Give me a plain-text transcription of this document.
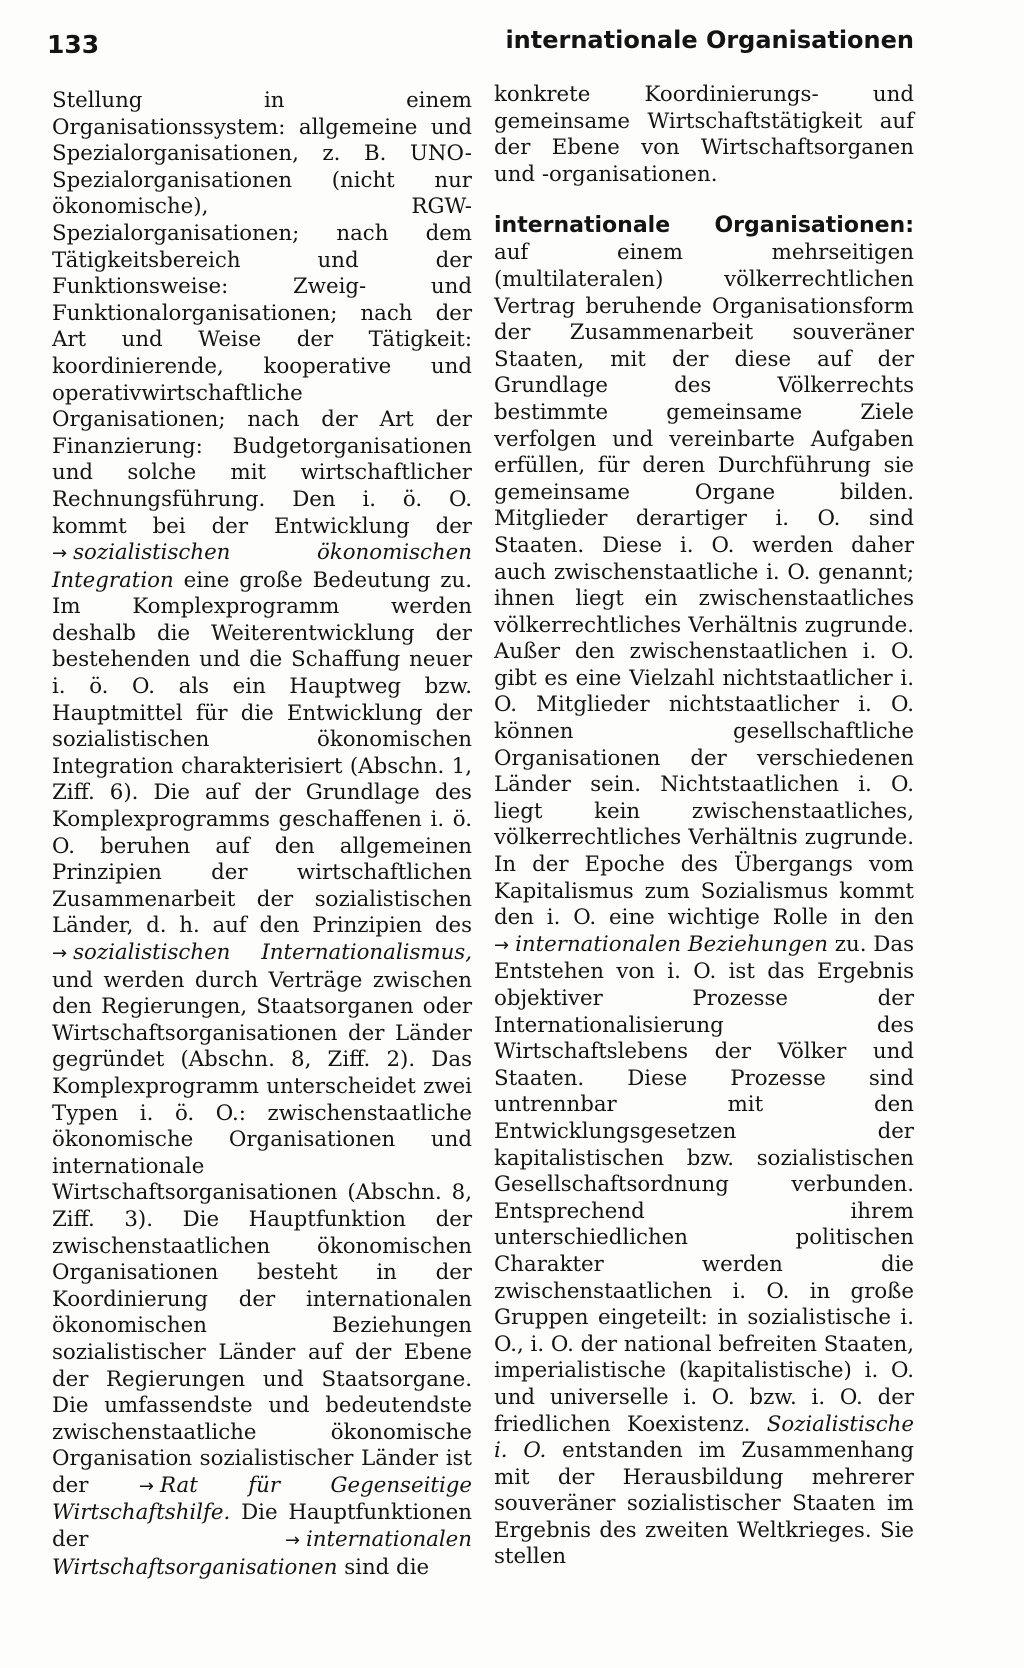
133	internationale Organisationen

Stellung in einem Organisationssystem: allgemeine und Spezialorganisationen, z. B. UNO-Spezialorganisationen (nicht nur ökonomische), RGW-Spezialorganisationen; nach dem Tätigkeitsbereich und der Funktionsweise: Zweig- und Funktionalorganisationen; nach der Art und Weise der Tätigkeit: koordinierende, kooperative und operativwirtschaftliche Organisationen; nach der Art der Finanzierung: Budgetorganisationen und solche mit wirtschaftlicher Rechnungsführung. Den i. ö. O. kommt bei der Entwicklung der → sozialistischen ökonomischen Integration eine große Bedeutung zu. Im Komplexprogramm werden deshalb die Weiterentwicklung der bestehenden und die Schaffung neuer i. ö. O. als ein Hauptweg bzw. Hauptmittel für die Entwicklung der sozialistischen ökonomischen Integration charakterisiert (Abschn. 1, Ziff. 6). Die auf der Grundlage des Komplexprogramms geschaffenen i. ö. O. beruhen auf den allgemeinen Prinzipien der wirtschaftlichen Zusammenarbeit der sozialistischen Länder, d. h. auf den Prinzipien des → sozialistischen Internationalismus, und werden durch Verträge zwischen den Regierungen, Staatsorganen oder Wirtschaftsorganisationen der Länder gegründet (Abschn. 8, Ziff. 2). Das Komplexprogramm unterscheidet zwei Typen i. ö. O.: zwischenstaatliche ökonomische Organisationen und internationale Wirtschaftsorganisationen (Abschn. 8, Ziff. 3). Die Hauptfunktion der zwischenstaatlichen ökonomischen Organisationen besteht in der Koordinierung der internationalen ökonomischen Beziehungen sozialistischer Länder auf der Ebene der Regierungen und Staatsorgane. Die umfassendste und bedeutendste zwischenstaatliche ökonomische Organisation sozialistischer Länder ist der	→ Rat für Gegenseitige Wirtschaftshilfe. Die Hauptfunktionen der	→ internationalen Wirtschaftsorganisationen sind die

konkrete Koordinierungs- und gemeinsame Wirtschaftstätigkeit auf der Ebene von Wirtschaftsorganen und -organisationen.

internationale Organisationen:

auf einem mehrseitigen (multilateralen) völkerrechtlichen Vertrag beruhende Organisationsform der Zusammenarbeit souveräner Staaten, mit der diese auf der Grundlage des Völkerrechts bestimmte gemeinsame Ziele verfolgen und vereinbarte Aufgaben erfüllen, für deren Durchführung sie gemeinsame Organe bilden. Mitglieder derartiger i. O. sind Staaten. Diese i. O. werden daher auch zwischenstaatliche i. O. genannt; ihnen liegt ein zwischenstaatliches völkerrechtliches Verhältnis zugrunde. Außer den zwischenstaatlichen i. O. gibt es eine Vielzahl nichtstaatlicher i. O. Mitglieder nichtstaatlicher i. O. können gesellschaftliche Organisationen der verschiedenen Länder sein. Nichtstaatlichen i. O. liegt kein zwischenstaatliches, völkerrechtliches Verhältnis zugrunde. In der Epoche des Übergangs vom Kapitalismus zum Sozialismus kommt den i. O. eine wichtige Rolle in den → internationalen Beziehungen zu. Das Entstehen von i. O. ist das Ergebnis objektiver Prozesse der Internationalisierung des Wirtschaftslebens der Völker und Staaten. Diese Prozesse sind untrennbar mit den Entwicklungsgesetzen der kapitalistischen bzw. sozialistischen Gesellschaftsordnung verbunden. Entsprechend ihrem unterschiedlichen politischen Charakter werden die zwischenstaatlichen i. O. in große Gruppen eingeteilt: in sozialistische i. O., i. O. der national befreiten Staaten, imperialistische (kapitalistische) i. O. und universelle i. O. bzw. i. O. der friedlichen Koexistenz. Sozialistische i. O. entstanden im Zusammenhang mit der Herausbildung mehrerer souveräner sozialistischer Staaten im Ergebnis des zweiten Weltkrieges. Sie stellen
